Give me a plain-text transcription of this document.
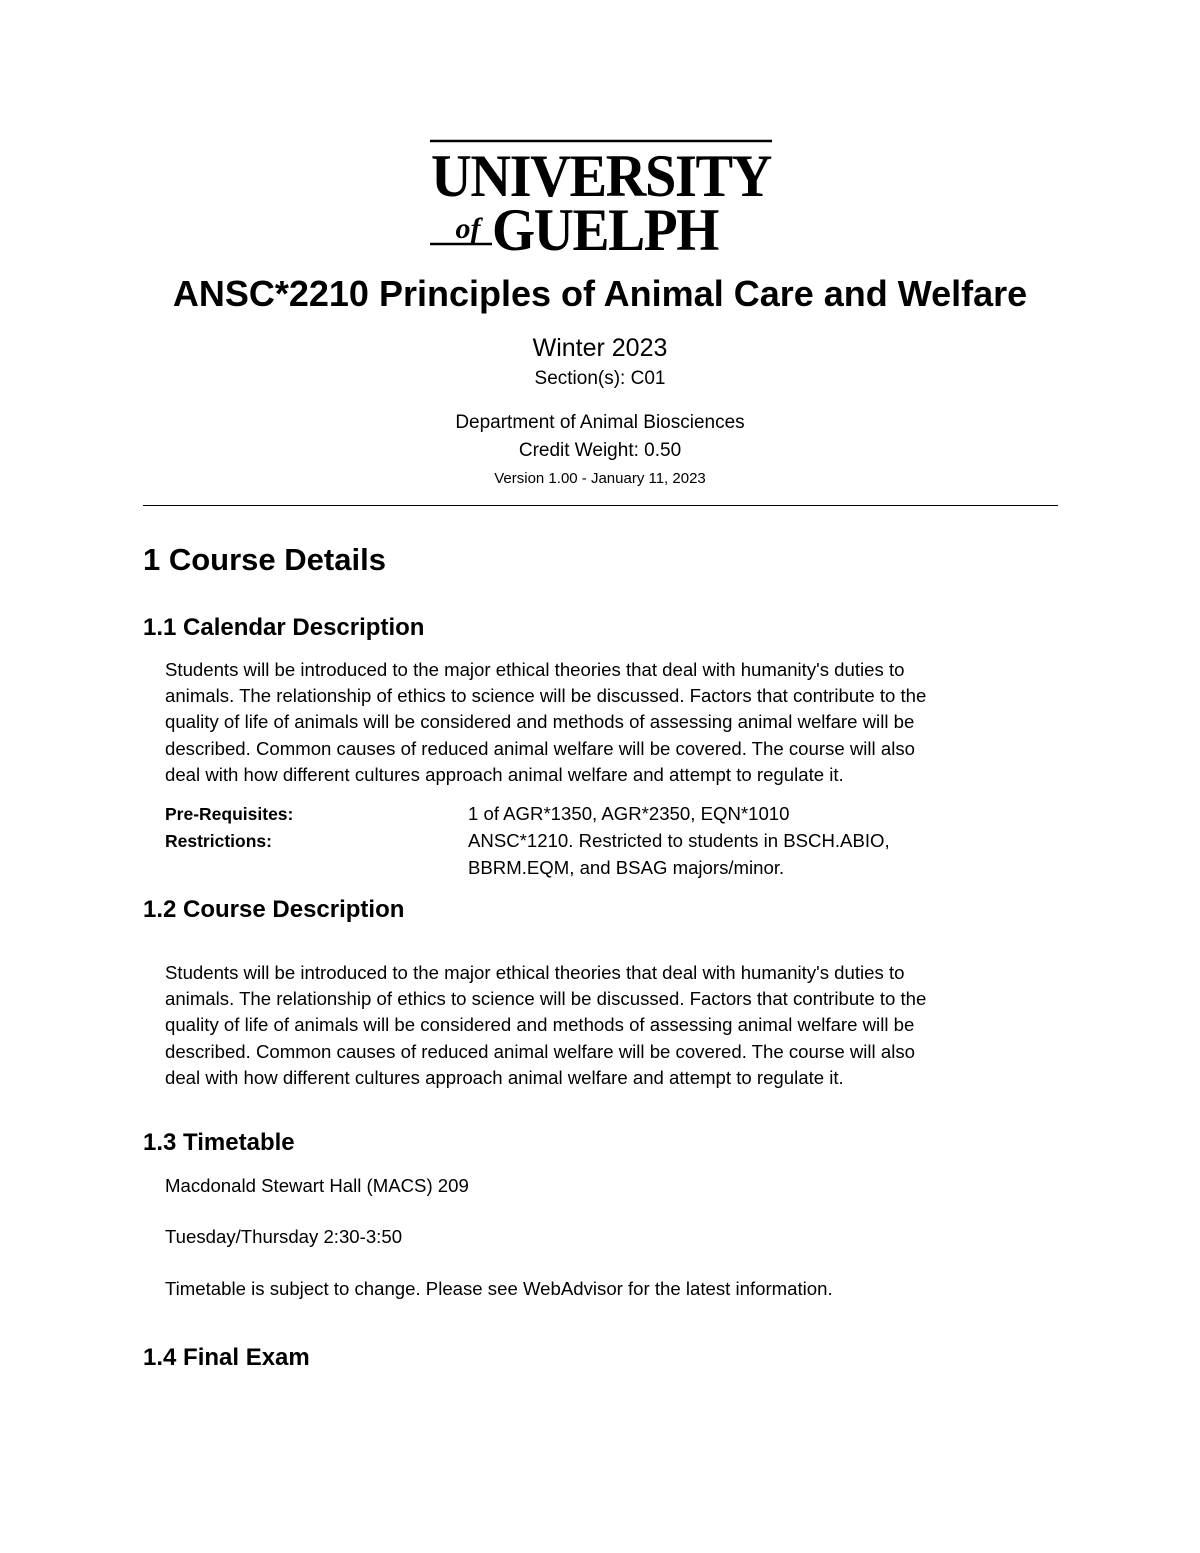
UNIVERSITY
of GUELPH
ANSC*2210 Principles of Animal Care and Welfare
Winter 2023
Section(s): C01
Department of Animal Biosciences
Credit Weight: 0.50
Version 1.00 - January 11, 2023
1 Course Details
1.1 Calendar Description
Students will be introduced to the major ethical theories that deal with humanity's duties to
animals. The relationship of ethics to science will be discussed. Factors that contribute to the
quality of life of animals will be considered and methods of assessing animal welfare will be
described. Common causes of reduced animal welfare will be covered. The course will also
deal with how different cultures approach animal welfare and attempt to regulate it.
Pre-Requisites:	1 of AGR*1350, AGR*2350, EQN*1010
Restrictions:	ANSC*1210. Restricted to students in BSCH.ABIO,
BBRM.EQM, and BSAG majors/minor.
1.2 Course Description
Students will be introduced to the major ethical theories that deal with humanity's duties to
animals. The relationship of ethics to science will be discussed. Factors that contribute to the
quality of life of animals will be considered and methods of assessing animal welfare will be
described. Common causes of reduced animal welfare will be covered. The course will also
deal with how different cultures approach animal welfare and attempt to regulate it.
1.3 Timetable
Macdonald Stewart Hall (MACS) 209
Tuesday/Thursday 2:30-3:50
Timetable is subject to change. Please see WebAdvisor for the latest information.
1.4 Final Exam
